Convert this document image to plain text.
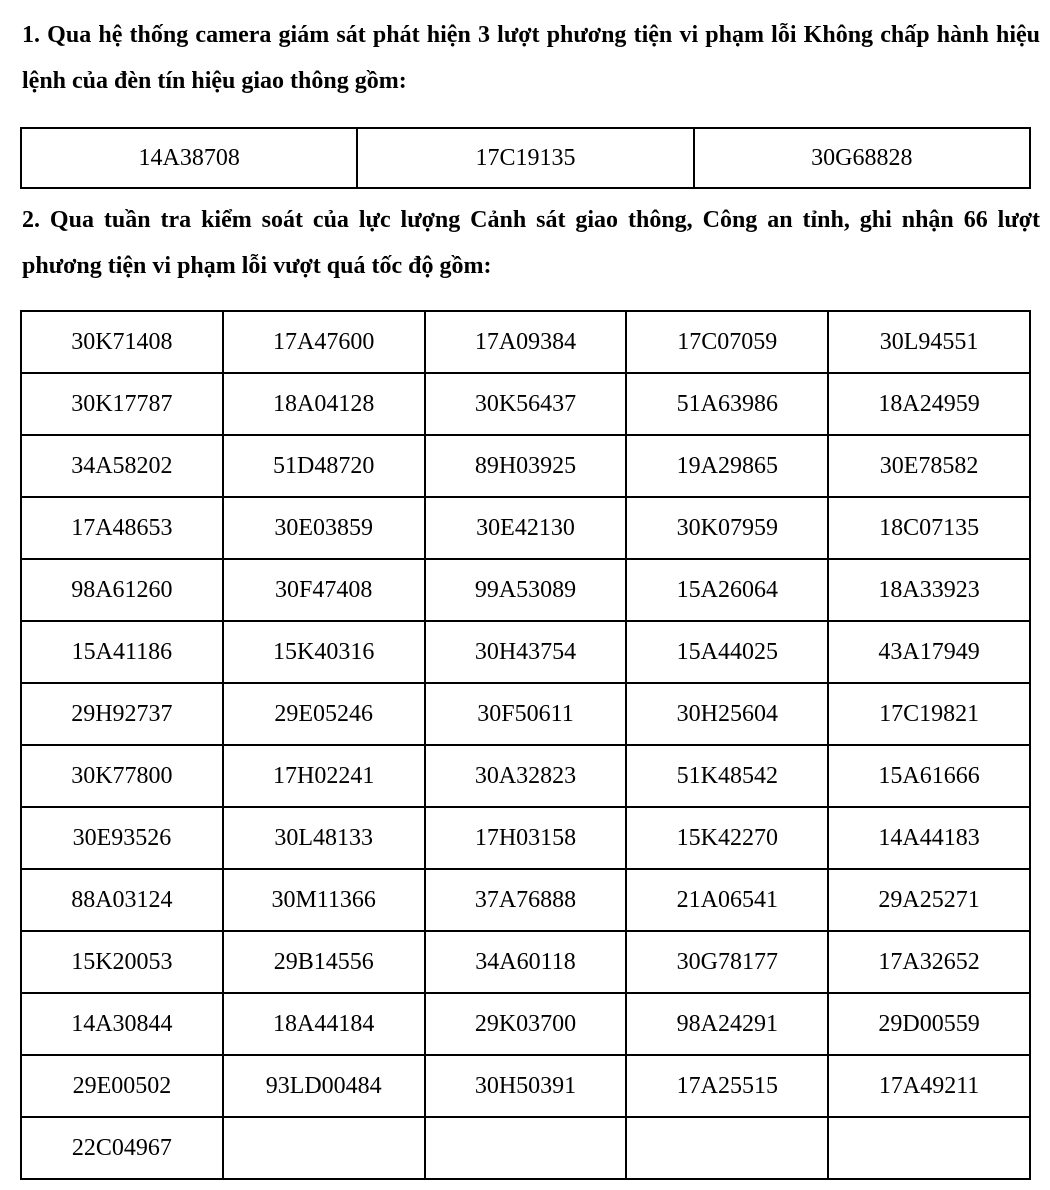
1. Qua hệ thống camera giám sát phát hiện 3 lượt phương tiện vi phạm lỗi Không chấp hành hiệu lệnh của đèn tín hiệu giao thông gồm:
14A38708	17C19135	30G68828
2. Qua tuần tra kiểm soát của lực lượng Cảnh sát giao thông, Công an tỉnh, ghi nhận 66 lượt phương tiện vi phạm lỗi vượt quá tốc độ gồm:
30K71408	17A47600	17A09384	17C07059	30L94551
30K17787	18A04128	30K56437	51A63986	18A24959
34A58202	51D48720	89H03925	19A29865	30E78582
17A48653	30E03859	30E42130	30K07959	18C07135
98A61260	30F47408	99A53089	15A26064	18A33923
15A41186	15K40316	30H43754	15A44025	43A17949
29H92737	29E05246	30F50611	30H25604	17C19821
30K77800	17H02241	30A32823	51K48542	15A61666
30E93526	30L48133	17H03158	15K42270	14A44183
88A03124	30M11366	37A76888	21A06541	29A25271
15K20053	29B14556	34A60118	30G78177	17A32652
14A30844	18A44184	29K03700	98A24291	29D00559
29E00502	93LD00484	30H50391	17A25515	17A49211
22C04967				
